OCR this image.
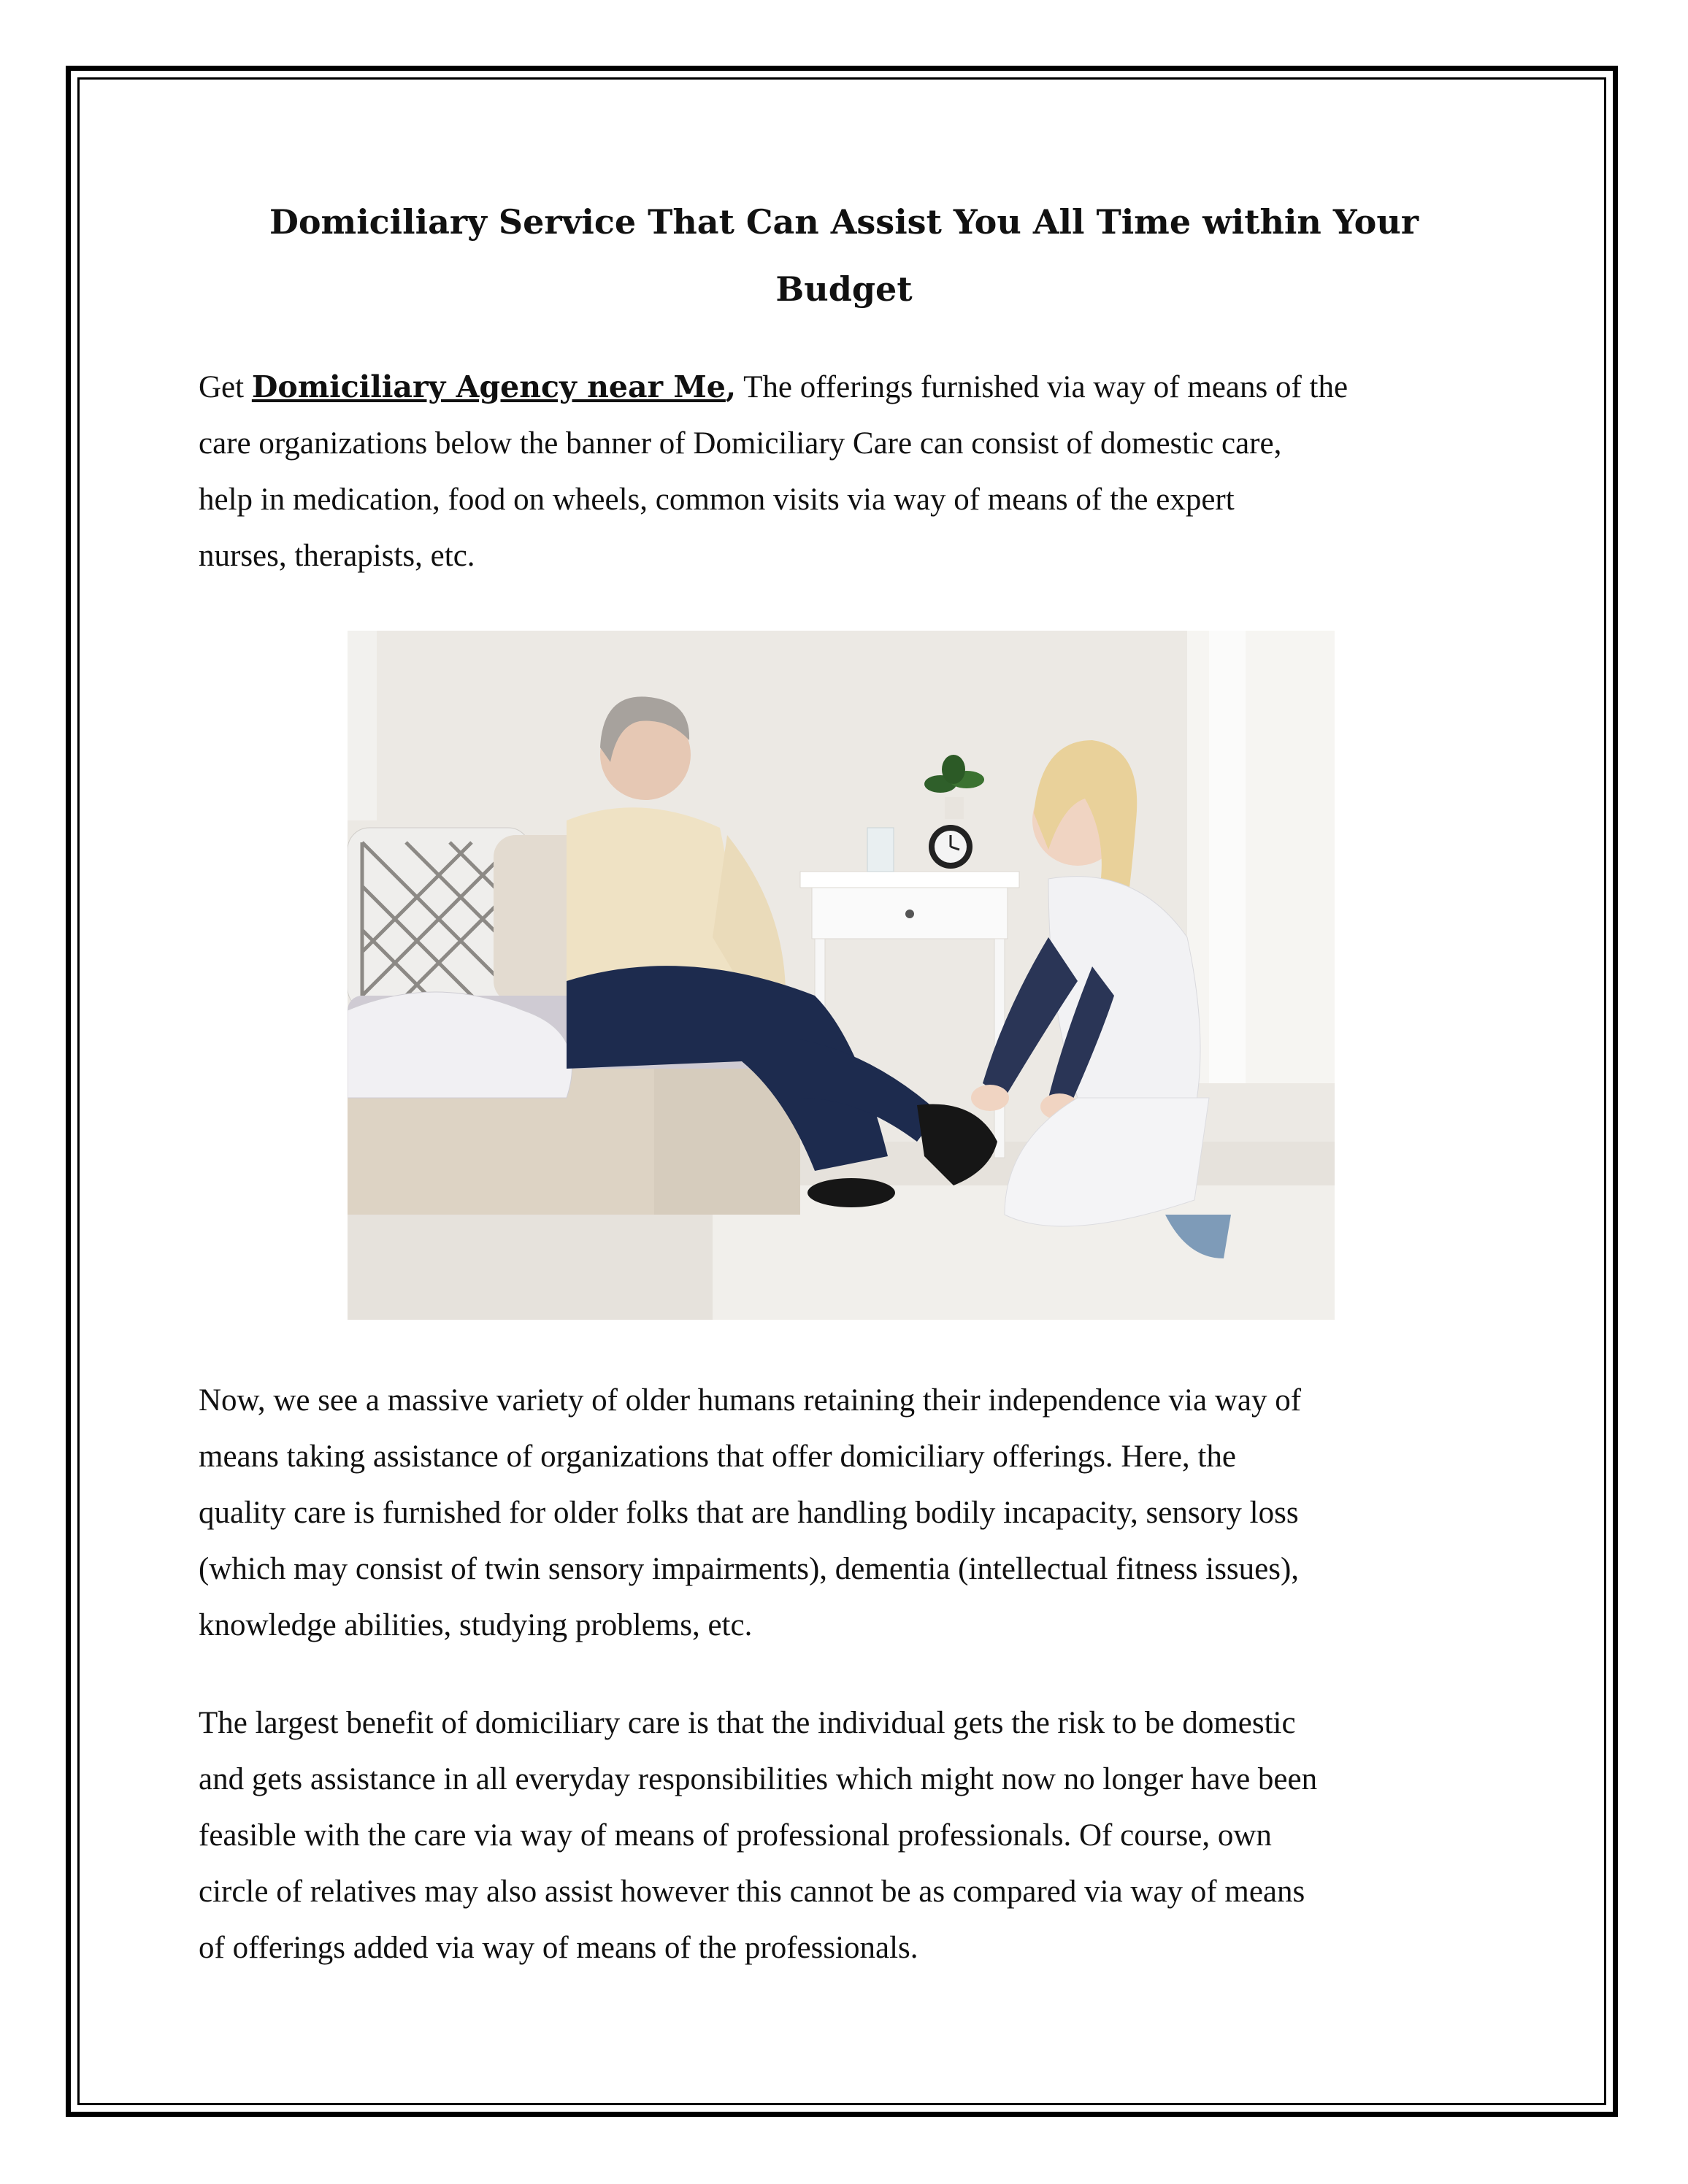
Domiciliary Service That Can Assist You All Time within Your Budget

Get Domiciliary Agency near Me, The offerings furnished via way of means of the
care organizations below the banner of Domiciliary Care can consist of domestic care,
help in medication, food on wheels, common visits via way of means of the expert
nurses, therapists, etc.

Now, we see a massive variety of older humans retaining their independence via way of
means taking assistance of organizations that offer domiciliary offerings. Here, the
quality care is furnished for older folks that are handling bodily incapacity, sensory loss
(which may consist of twin sensory impairments), dementia (intellectual fitness issues),
knowledge abilities, studying problems, etc.

The largest benefit of domiciliary care is that the individual gets the risk to be domestic
and gets assistance in all everyday responsibilities which might now no longer have been
feasible with the care via way of means of professional professionals. Of course, own
circle of relatives may also assist however this cannot be as compared via way of means
of offerings added via way of means of the professionals.
